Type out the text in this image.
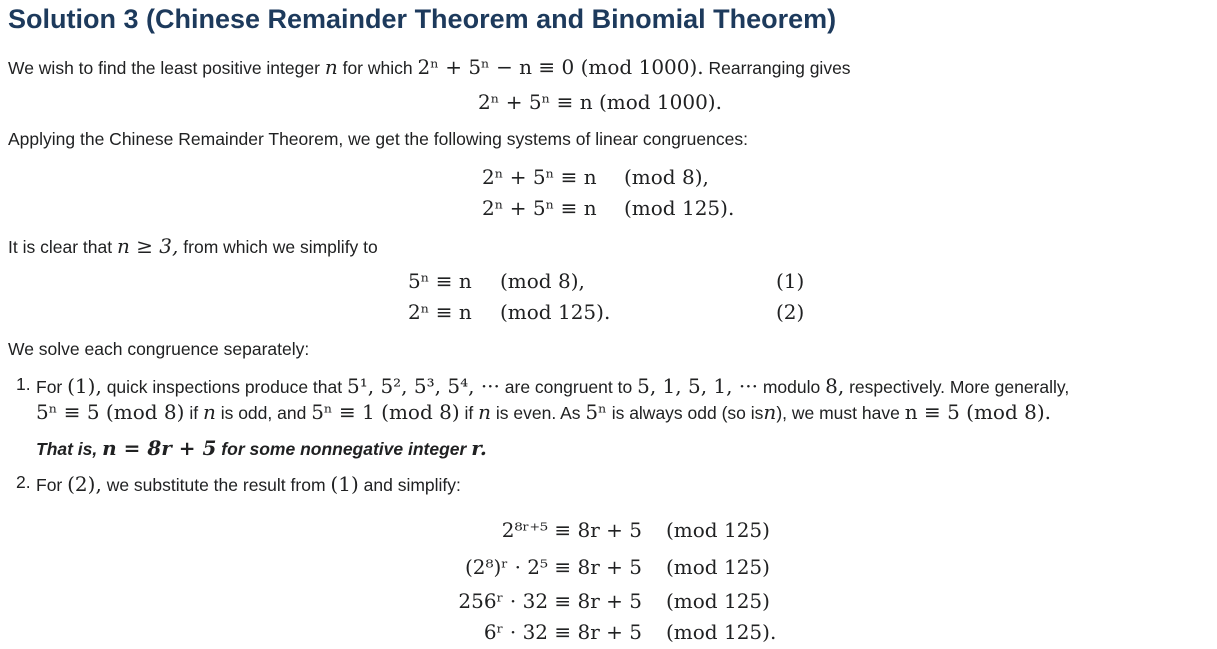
Solution 3 (Chinese Remainder Theorem and Binomial Theorem)
We wish to find the least positive integer n for which 2ⁿ + 5ⁿ − n ≡ 0 (mod 1000). Rearranging gives
2ⁿ + 5ⁿ ≡ n (mod 1000).
Applying the Chinese Remainder Theorem, we get the following systems of linear congruences:
2ⁿ + 5ⁿ ≡ n (mod 8),
2ⁿ + 5ⁿ ≡ n (mod 125).
It is clear that n ≥ 3, from which we simplify to
5ⁿ ≡ n (mod 8),	(1)
2ⁿ ≡ n (mod 125).	(2)
We solve each congruence separately:
1. For (1), quick inspections produce that 5¹, 5², 5³, 5⁴, ··· are congruent to 5, 1, 5, 1, ··· modulo 8, respectively. More generally,
5ⁿ ≡ 5 (mod 8) if n is odd, and 5ⁿ ≡ 1 (mod 8) if n is even. As 5ⁿ is always odd (so isn), we must have n ≡ 5 (mod 8).
That is, n = 8r + 5 for some nonnegative integer r.
2. For (2), we substitute the result from (1) and simplify:
2⁸ʳ⁺⁵ ≡ 8r + 5 (mod 125)
(2⁸)ʳ · 2⁵ ≡ 8r + 5 (mod 125)
256ʳ · 32 ≡ 8r + 5 (mod 125)
6ʳ · 32 ≡ 8r + 5 (mod 125).
